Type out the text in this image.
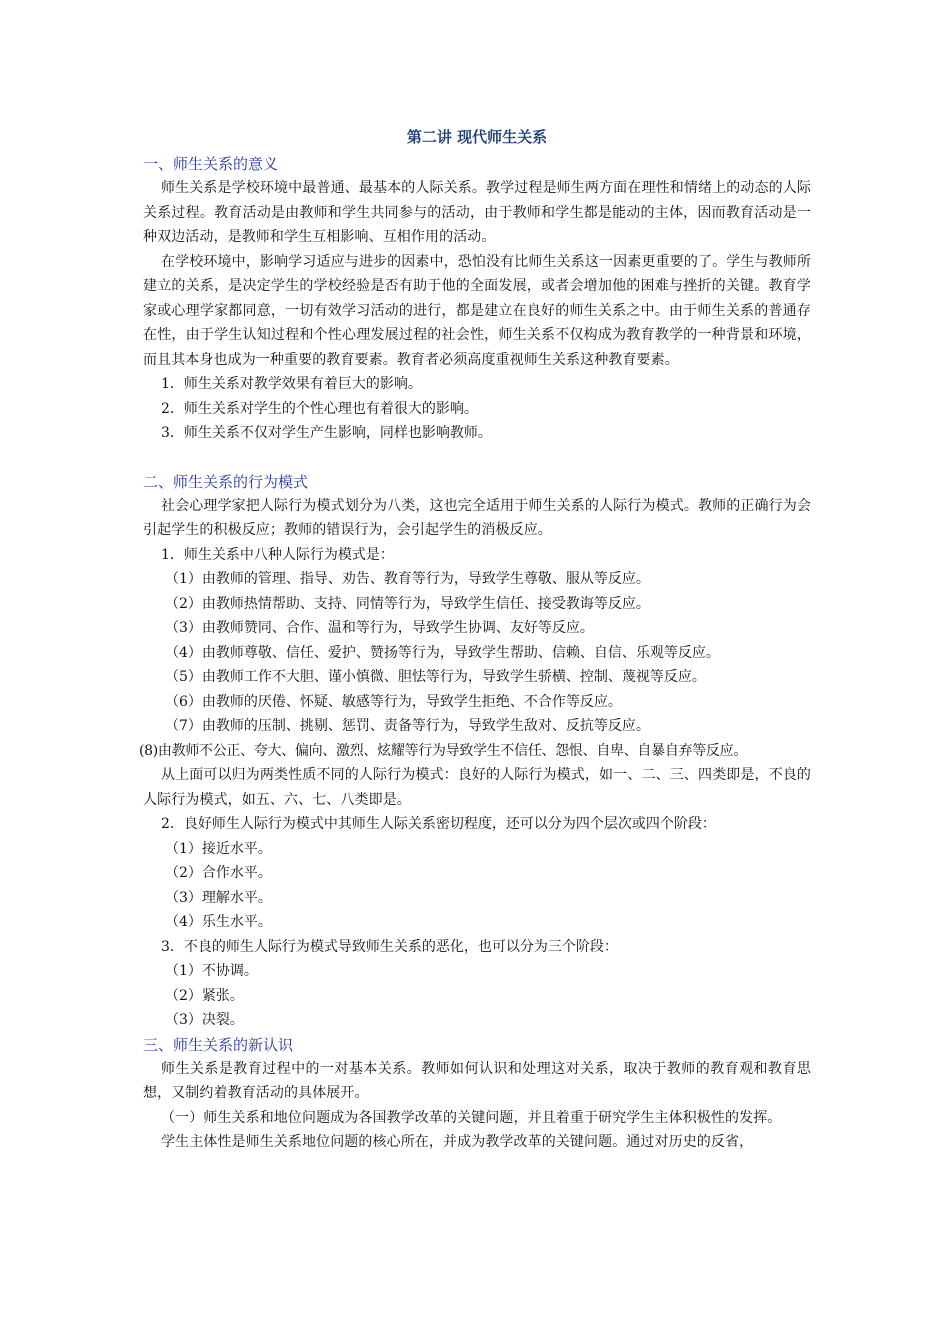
第二讲 现代师生关系
一、师生关系的意义

师生关系是学校环境中最普通、最基本的人际关系。教学过程是师生两方面在理性和情绪上的动态的人际关系过程。教育活动是由教师和学生共同参与的活动，由于教师和学生都是能动的主体，因而教育活动是一种双边活动，是教师和学生互相影响、互相作用的活动。

在学校环境中，影响学习适应与进步的因素中，恐怕没有比师生关系这一因素更重要的了。学生与教师所建立的关系，是决定学生的学校经验是否有助于他的全面发展，或者会增加他的困难与挫折的关键。教育学家或心理学家都同意，一切有效学习活动的进行，都是建立在良好的师生关系之中。由于师生关系的普通存在性，由于学生认知过程和个性心理发展过程的社会性，师生关系不仅构成为教育教学的一种背景和环境，而且其本身也成为一种重要的教育要素。教育者必须高度重视师生关系这种教育要素。

1．师生关系对教学效果有着巨大的影响。
2．师生关系对学生的个性心理也有着很大的影响。
3．师生关系不仅对学生产生影响，同样也影响教师。
二、师生关系的行为模式

社会心理学家把人际行为模式划分为八类，这也完全适用于师生关系的人际行为模式。教师的正确行为会引起学生的积极反应；教师的错误行为，会引起学生的消极反应。

1．师生关系中八种人际行为模式是：
（1）由教师的管理、指导、劝告、教育等行为，导致学生尊敬、服从等反应。
（2）由教师热情帮助、支持、同情等行为，导致学生信任、接受教诲等反应。
（3）由教师赞同、合作、温和等行为，导致学生协调、友好等反应。
（4）由教师尊敬、信任、爱护、赞扬等行为，导致学生帮助、信赖、自信、乐观等反应。
（5）由教师工作不大胆、谨小慎微、胆怯等行为，导致学生骄横、控制、蔑视等反应。
（6）由教师的厌倦、怀疑、敏感等行为，导致学生拒绝、不合作等反应。
（7）由教师的压制、挑剔、惩罚、责备等行为，导致学生敌对、反抗等反应。
(8)由教师不公正、夸大、偏向、激烈、炫耀等行为导致学生不信任、怨恨、自卑、自暴自弃等反应。

从上面可以归为两类性质不同的人际行为模式：良好的人际行为模式，如一、二、三、四类即是，不良的人际行为模式，如五、六、七、八类即是。

2．良好师生人际行为模式中其师生人际关系密切程度，还可以分为四个层次或四个阶段：
（1）接近水平。
（2）合作水平。
（3）理解水平。
（4）乐生水平。
3．不良的师生人际行为模式导致师生关系的恶化，也可以分为三个阶段：
（1）不协调。
（2）紧张。
（3）决裂。
三、师生关系的新认识

师生关系是教育过程中的一对基本关系。教师如何认识和处理这对关系，取决于教师的教育观和教育思想，又制约着教育活动的具体展开。

（一）师生关系和地位问题成为各国教学改革的关键问题，并且着重于研究学生主体积极性的发挥。

学生主体性是师生关系地位问题的核心所在，并成为教学改革的关键问题。通过对历史的反省，
